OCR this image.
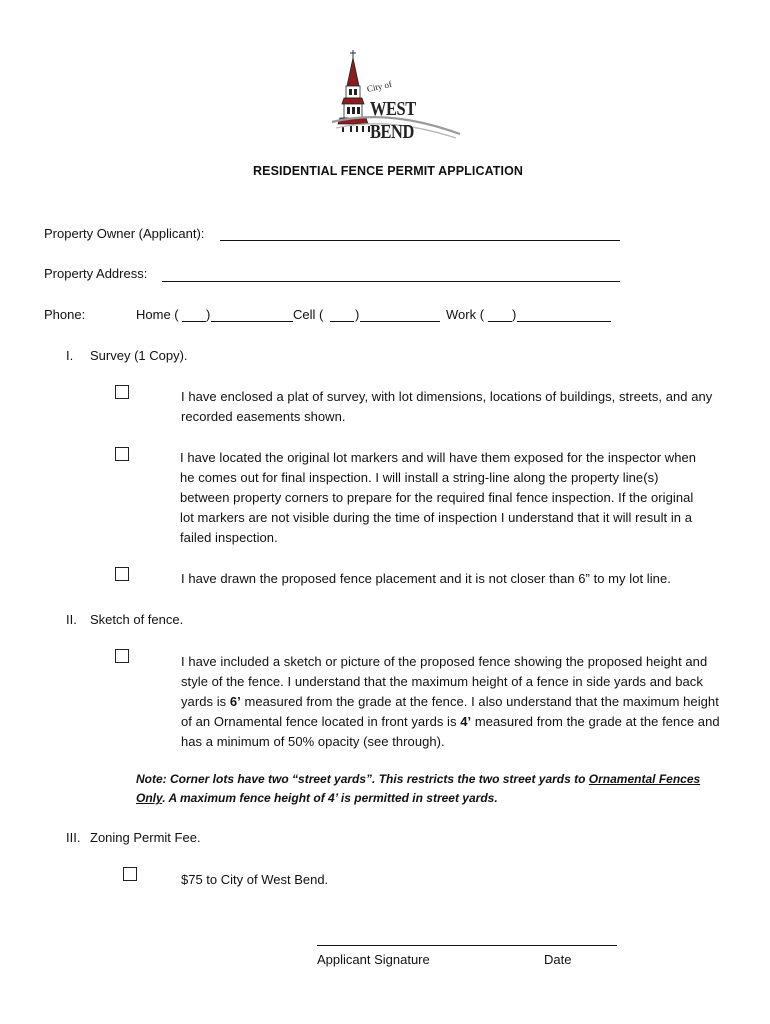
City of
WEST BEND
RESIDENTIAL FENCE PERMIT APPLICATION
Property Owner (Applicant):
Property Address:
Phone:	Home ( )	Cell ( )	Work ( )
I. Survey (1 Copy).
I have enclosed a plat of survey, with lot dimensions, locations of buildings, streets, and any recorded easements shown.
I have located the original lot markers and will have them exposed for the inspector when he comes out for final inspection. I will install a string-line along the property line(s) between property corners to prepare for the required final fence inspection. If the original lot markers are not visible during the time of inspection I understand that it will result in a failed inspection.
I have drawn the proposed fence placement and it is not closer than 6” to my lot line.
II. Sketch of fence.
I have included a sketch or picture of the proposed fence showing the proposed height and style of the fence. I understand that the maximum height of a fence in side yards and back yards is 6’ measured from the grade at the fence. I also understand that the maximum height of an Ornamental fence located in front yards is 4’ measured from the grade at the fence and has a minimum of 50% opacity (see through).
Note: Corner lots have two “street yards”. This restricts the two street yards to Ornamental Fences Only. A maximum fence height of 4’ is permitted in street yards.
III. Zoning Permit Fee.
$75 to City of West Bend.
Applicant Signature	Date
